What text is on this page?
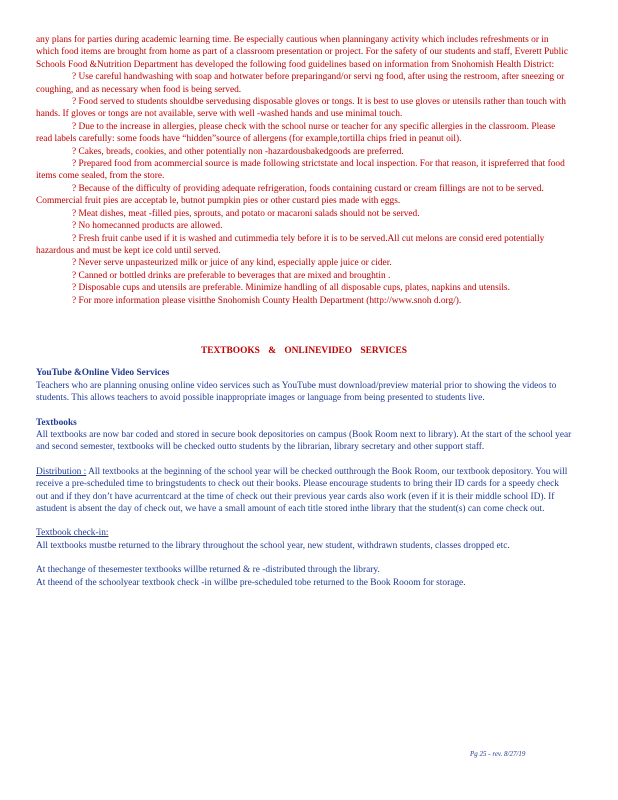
any plans for parties during academic learning time. Be especially cautious when planningany activity which includes refreshments or in which food items are brought from home as part of a classroom presentation or project. For the safety of our students and staff, Everett Public Schools Food &Nutrition Department has developed the following food guidelines based on information from Snohomish Health District:

? Use careful handwashing with soap and hotwater before preparingand/or servi ng food, after using the restroom, after sneezing or coughing, and as necessary when food is being served.

? Food served to students shouldbe servedusing disposable gloves or tongs. It is best to use gloves or utensils rather than touch with hands. If gloves or tongs are not available, serve with well -washed hands and use minimal touch.

? Due to the increase in allergies, please check with the school nurse or teacher for any specific allergies in the classroom. Please read labels carefully: some foods have “hidden”source of allergens (for example,tortilla chips fried in peanut oil).

? Cakes, breads, cookies, and other potentially non -hazardousbakedgoods are preferred.

? Prepared food from acommercial source is made following strictstate and local inspection. For that reason, it ispreferred that food items come sealed, from the store.

? Because of the difficulty of providing adequate refrigeration, foods containing custard or cream fillings are not to be served. Commercial fruit pies are acceptab le, butnot pumpkin pies or other custard pies made with eggs.

? Meat dishes, meat -filled pies, sprouts, and potato or macaroni salads should not be served.

? No homecanned products are allowed.

? Fresh fruit canbe used if it is washed and cutimmedia tely before it is to be served.All cut melons are consid ered potentially hazardous and must be kept ice cold until served.

? Never serve unpasteurized milk or juice of any kind, especially apple juice or cider.

? Canned or bottled drinks are preferable to beverages that are mixed and broughtin .

? Disposable cups and utensils are preferable. Minimize handling of all disposable cups, plates, napkins and utensils.

? For more information please visitthe Snohomish County Health Department (http://www.snoh d.org/).

TEXTBOOKS & ONLINEVIDEO SERVICES

YouTube &Online Video Services

Teachers who are planning onusing online video services such as YouTube must download/preview material prior to showing the videos to students. This allows teachers to avoid possible inappropriate images or language from being presented to students live.

Textbooks

All textbooks are now bar coded and stored in secure book depositories on campus (Book Room next to library). At the start of the school year and second semester, textbooks will be checked outto students by the librarian, library secretary and other support staff.

Distribution : All textbooks at the beginning of the school year will be checked outthrough the Book Room, our textbook depository. You will receive a pre-scheduled time to bringstudents to check out their books. Please encourage students to bring their ID cards for a speedy check out and if they don’t have acurrentcard at the time of check out their previous year cards also work (even if it is their middle school ID). If astudent is absent the day of check out, we have a small amount of each title stored inthe library that the student(s) can come check out.

Textbook check-in:

All textbooks mustbe returned to the library throughout the school year, new student, withdrawn students, classes dropped etc.

At thechange of thesemester textbooks willbe returned & re -distributed through the library.

At theend of the schoolyear textbook check -in willbe pre-scheduled tobe returned to the Book Rooom for storage.

Pg 25 - rev. 8/27/19
